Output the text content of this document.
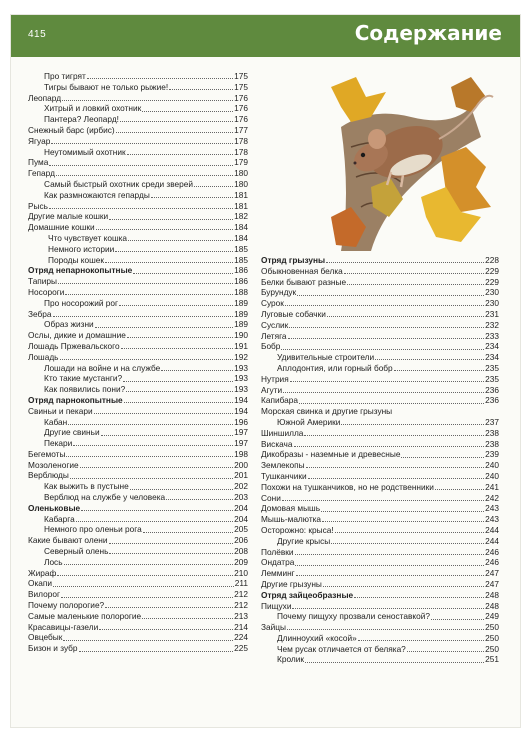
415	Содержание
Про тигрят	175
Тигры бывают не только рыжие!	175
Леопард	176
Хитрый и ловкий охотник	176
Пантера? Леопард!	176
Снежный барс (ирбис)	177
Ягуар	178
Неутомимый охотник	178
Пума	179
Гепард	180
Самый быстрый охотник среди зверей	180
Как размножаются гепарды	181
Рысь	181
Другие малые кошки	182
Домашние кошки	184
Что чувствует кошка	184
Немного истории	185
Породы кошек	185
Отряд непарнокопытные	186
Тапиры	186
Носороги	188
Про носорожий рог	189
Зебра	189
Образ жизни	189
Ослы, дикие и домашние	190
Лошадь Пржевальского	191
Лошадь	192
Лошади на войне и на службе	193
Кто такие мустанги?	193
Как появились пони?	193
Отряд парнокопытные	194
Свиньи и пекари	194
Кабан	196
Другие свиньи	197
Пекари	197
Бегемоты	198
Мозоленогие	200
Верблюды	201
Как выжить в пустыне	202
Верблюд на службе у человека	203
Оленьковые	204
Кабарга	204
Немного про оленьи рога	205
Какие бывают олени	206
Северный олень	208
Лось	209
Жираф	210
Окапи	211
Вилорог	212
Почему полорогие?	212
Самые маленькие полорогие	213
Красавицы-газели	214
Овцебык	224
Бизон и зубр	225
Отряд грызуны	228
Обыкновенная белка	229
Белки бывают разные	229
Бурундук	230
Сурок	230
Луговые собачки	231
Суслик	232
Летяга	233
Бобр	234
Удивительные строители	234
Аплодонтия, или горный бобр	235
Нутрия	235
Агути	236
Капибара	236
Морская свинка и другие грызуны
Южной Америки	237
Шиншилла	238
Вискача	238
Дикобразы - наземные и древесные	239
Землекопы	240
Тушканчики	240
Похожи на тушканчиков, но не родственники	241
Сони	242
Домовая мышь	243
Мышь-малютка	243
Осторожно: крыса!	244
Другие крысы	244
Полёвки	246
Ондатра	246
Лемминг	247
Другие грызуны	247
Отряд зайцеобразные	248
Пищухи	248
Почему пищуху прозвали сеноставкой?	249
Зайцы	250
Длинноухий «косой»	250
Чем русак отличается от беляка?	250
Кролик	251
